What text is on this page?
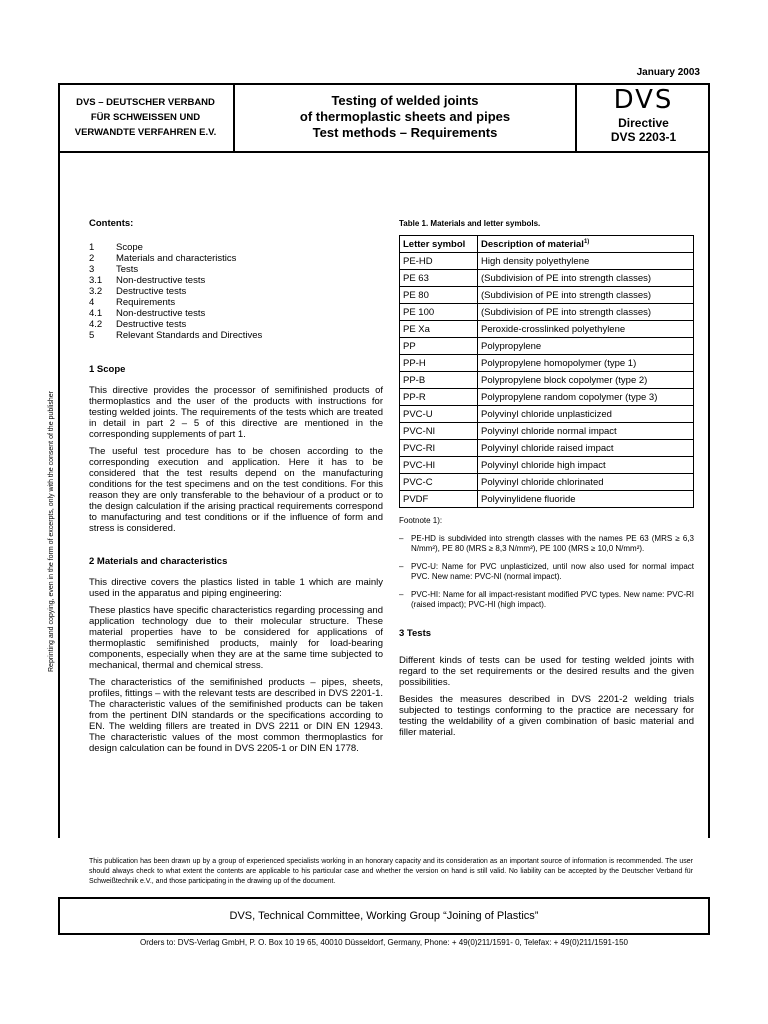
January 2003
DVS – DEUTSCHER VERBAND
FÜR SCHWEISSEN UND
VERWANDTE VERFAHREN E.V.
Testing of welded joints
of thermoplastic sheets and pipes
Test methods – Requirements
DVS
Directive
DVS 2203-1
Reprinting and copying, even in the form of excerpts, only with the consent of the publisher
Contents:
1	Scope
2	Materials and characteristics
3	Tests
3.1	Non-destructive tests
3.2	Destructive tests
4	Requirements
4.1	Non-destructive tests
4.2	Destructive tests
5	Relevant Standards and Directives
1 Scope

This directive provides the processor of semifinished products of thermoplastics and the user of the products with instructions for testing welded joints. The requirements of the tests which are treated in detail in part 2 – 5 of this directive are mentioned in the corresponding supplements of part 1.

The useful test procedure has to be chosen according to the corresponding execution and application. Here it has to be considered that the test results depend on the manufacturing conditions for the test specimens and on the test conditions. For this reason they are only transferable to the behaviour of a product or to the design calculation if the arising practical requirements correspond to manufacturing and test conditions or if the influence of form and stress is considered.

2 Materials and characteristics

This directive covers the plastics listed in table 1 which are mainly used in the apparatus and piping engineering:

These plastics have specific characteristics regarding processing and application technology due to their molecular structure. These material properties have to be considered for applications of thermoplastic semifinished products, mainly for load-bearing components, especially when they are at the same time subjected to mechanical, thermal and chemical stress.

The characteristics of the semifinished products – pipes, sheets, profiles, fittings – with the relevant tests are described in DVS 2201-1. The characteristic values of the semifinished products can be taken from the pertinent DIN standards or the specifications according to EN. The welding fillers are treated in DVS 2211 or DIN EN 12943. The characteristic values of the most common thermoplastics for design calculation can be found in DVS 2205-1 or DIN EN 1778.

Table 1. Materials and letter symbols.
Letter symbol	Description of material$^{1)}$
PE-HD	High density polyethylene
PE 63	(Subdivision of PE into strength classes)
PE 80	(Subdivision of PE into strength classes)
PE 100	(Subdivision of PE into strength classes)
PE Xa	Peroxide-crosslinked polyethylene
PP	Polypropylene
PP-H	Polypropylene homopolymer (type 1)
PP-B	Polypropylene block copolymer (type 2)
PP-R	Polypropylene random copolymer (type 3)
PVC-U	Polyvinyl chloride unplasticized
PVC-NI	Polyvinyl chloride normal impact
PVC-RI	Polyvinyl chloride raised impact
PVC-HI	Polyvinyl chloride high impact
PVC-C	Polyvinyl chloride chlorinated
PVDF	Polyvinylidene fluoride
Footnote 1):
– PE-HD is subdivided into strength classes with the names PE 63 (MRS ≥ 6,3 N/mm²), PE 80 (MRS ≥ 8,3 N/mm²), PE 100 (MRS ≥ 10,0 N/mm²).
– PVC-U: Name for PVC unplasticized, until now also used for normal impact PVC. New name: PVC-NI (normal impact).
– PVC-HI: Name for all impact-resistant modified PVC types. New name: PVC-RI (raised impact); PVC-HI (high impact).
3 Tests

Different kinds of tests can be used for testing welded joints with regard to the set requirements or the desired results and the given possibilities.

Besides the measures described in DVS 2201-2 welding trials subjected to testings conforming to the practice are necessary for testing the weldability of a given combination of basic material and filler material.

This publication has been drawn up by a group of experienced specialists working in an honorary capacity and its consideration as an important source of information is recommended. The user should always check to what extent the contents are applicable to his particular case and whether the version on hand is still valid. No liability can be accepted by the Deutscher Verband für Schweißtechnik e.V., and those participating in the drawing up of the document.
DVS, Technical Committee, Working Group “Joining of Plastics”
Orders to: DVS-Verlag GmbH, P. O. Box 10 19 65, 40010 Düsseldorf, Germany, Phone: + 49(0)211/1591- 0, Telefax: + 49(0)211/1591-150
